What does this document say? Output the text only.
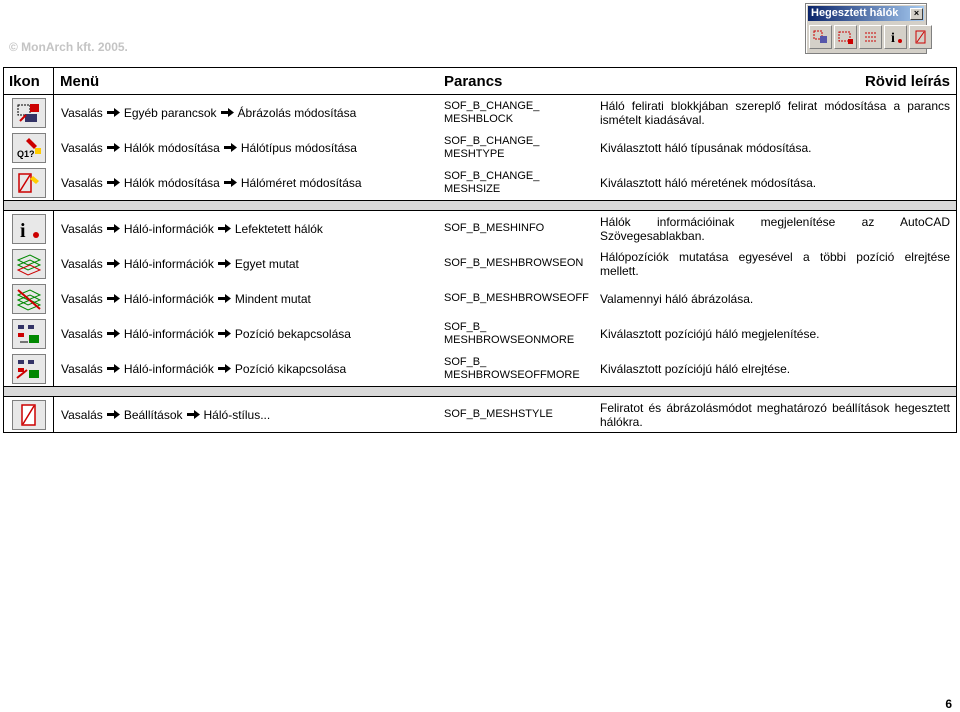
© MonArch kft. 2005.
Hegesztett hálók	×
i
Ikon	Menü	Parancs	Rövid leírás

	Vasalás Egyéb parancsok Ábrázolás módosítása	SOF_B_CHANGE_
MESHBLOCK	Háló felirati blokkjában szereplő felirat módosítása a parancs ismételt kiadásával.

Q1?	Vasalás Hálók módosítása Hálótípus módosítása	SOF_B_CHANGE_
MESHTYPE	Kiválasztott háló típusának módosítása.

	Vasalás Hálók módosítása Hálóméret módosítása	SOF_B_CHANGE_
MESHSIZE	Kiválasztott háló méretének módosítása.

i	Vasalás Háló-információk Lefektetett hálók	SOF_B_MESHINFO	Hálók információinak megjelenítése az AutoCAD Szövegesablakban.

	Vasalás Háló-információk Egyet mutat	SOF_B_MESHBROWSEON	Hálópozíciók mutatása egyesével a többi pozíció elrejtése mellett.

	Vasalás Háló-információk Mindent mutat	SOF_B_MESHBROWSEOFF	Valamennyi háló ábrázolása.

	Vasalás Háló-információk Pozíció bekapcsolása	SOF_B_
MESHBROWSEONMORE	Kiválasztott pozíciójú háló megjelenítése.

	Vasalás Háló-információk Pozíció kikapcsolása	SOF_B_
MESHBROWSEOFFMORE	Kiválasztott pozíciójú háló elrejtése.

	Vasalás Beállítások Háló-stílus...	SOF_B_MESHSTYLE	Feliratot és ábrázolásmódot meghatározó beállítások hegesztett hálókra.
6
